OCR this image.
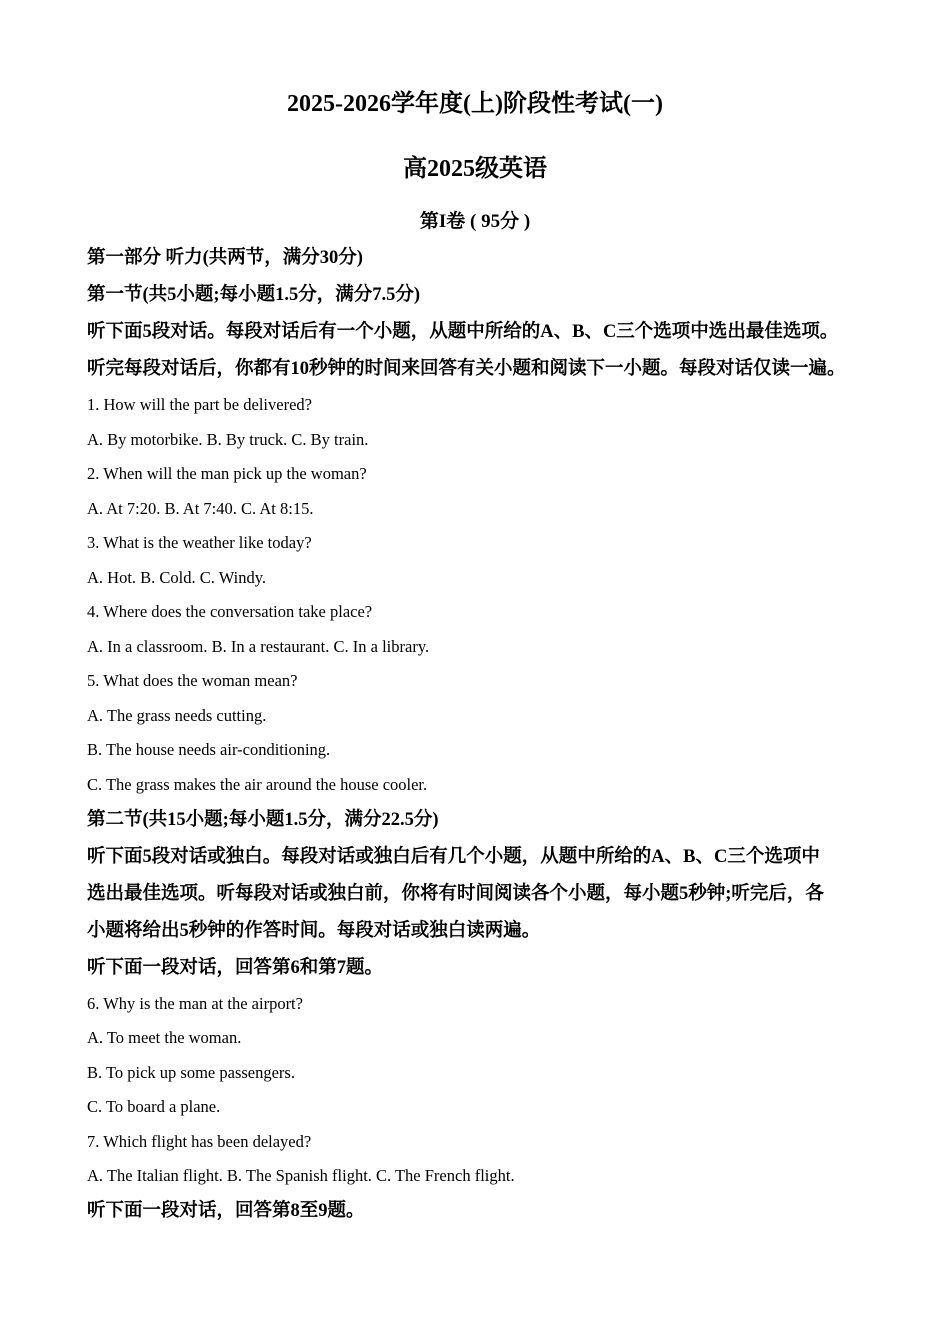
2025-2026学年度(上)阶段性考试(一)
高2025级英语
第I卷 ( 95分 )
第一部分 听力(共两节，满分30分)
第一节(共5小题;每小题1.5分，满分7.5分)
听下面5段对话。每段对话后有一个小题，从题中所给的A、B、C三个选项中选出最佳选项。
听完每段对话后，你都有10秒钟的时间来回答有关小题和阅读下一小题。每段对话仅读一遍。
1. How will the part be delivered?
A. By motorbike. B. By truck. C. By train.
2. When will the man pick up the woman?
A. At 7:20. B. At 7:40. C. At 8:15.
3. What is the weather like today?
A. Hot. B. Cold. C. Windy.
4. Where does the conversation take place?
A. In a classroom. B. In a restaurant. C. In a library.
5. What does the woman mean?
A. The grass needs cutting.
B. The house needs air-conditioning.
C. The grass makes the air around the house cooler.
第二节(共15小题;每小题1.5分，满分22.5分)
听下面5段对话或独白。每段对话或独白后有几个小题，从题中所给的A、B、C三个选项中
选出最佳选项。听每段对话或独白前，你将有时间阅读各个小题，每小题5秒钟;听完后，各
小题将给出5秒钟的作答时间。每段对话或独白读两遍。
听下面一段对话，回答第6和第7题。
6. Why is the man at the airport?
A. To meet the woman.
B. To pick up some passengers.
C. To board a plane.
7. Which flight has been delayed?
A. The Italian flight. B. The Spanish flight. C. The French flight.
听下面一段对话，回答第8至9题。
